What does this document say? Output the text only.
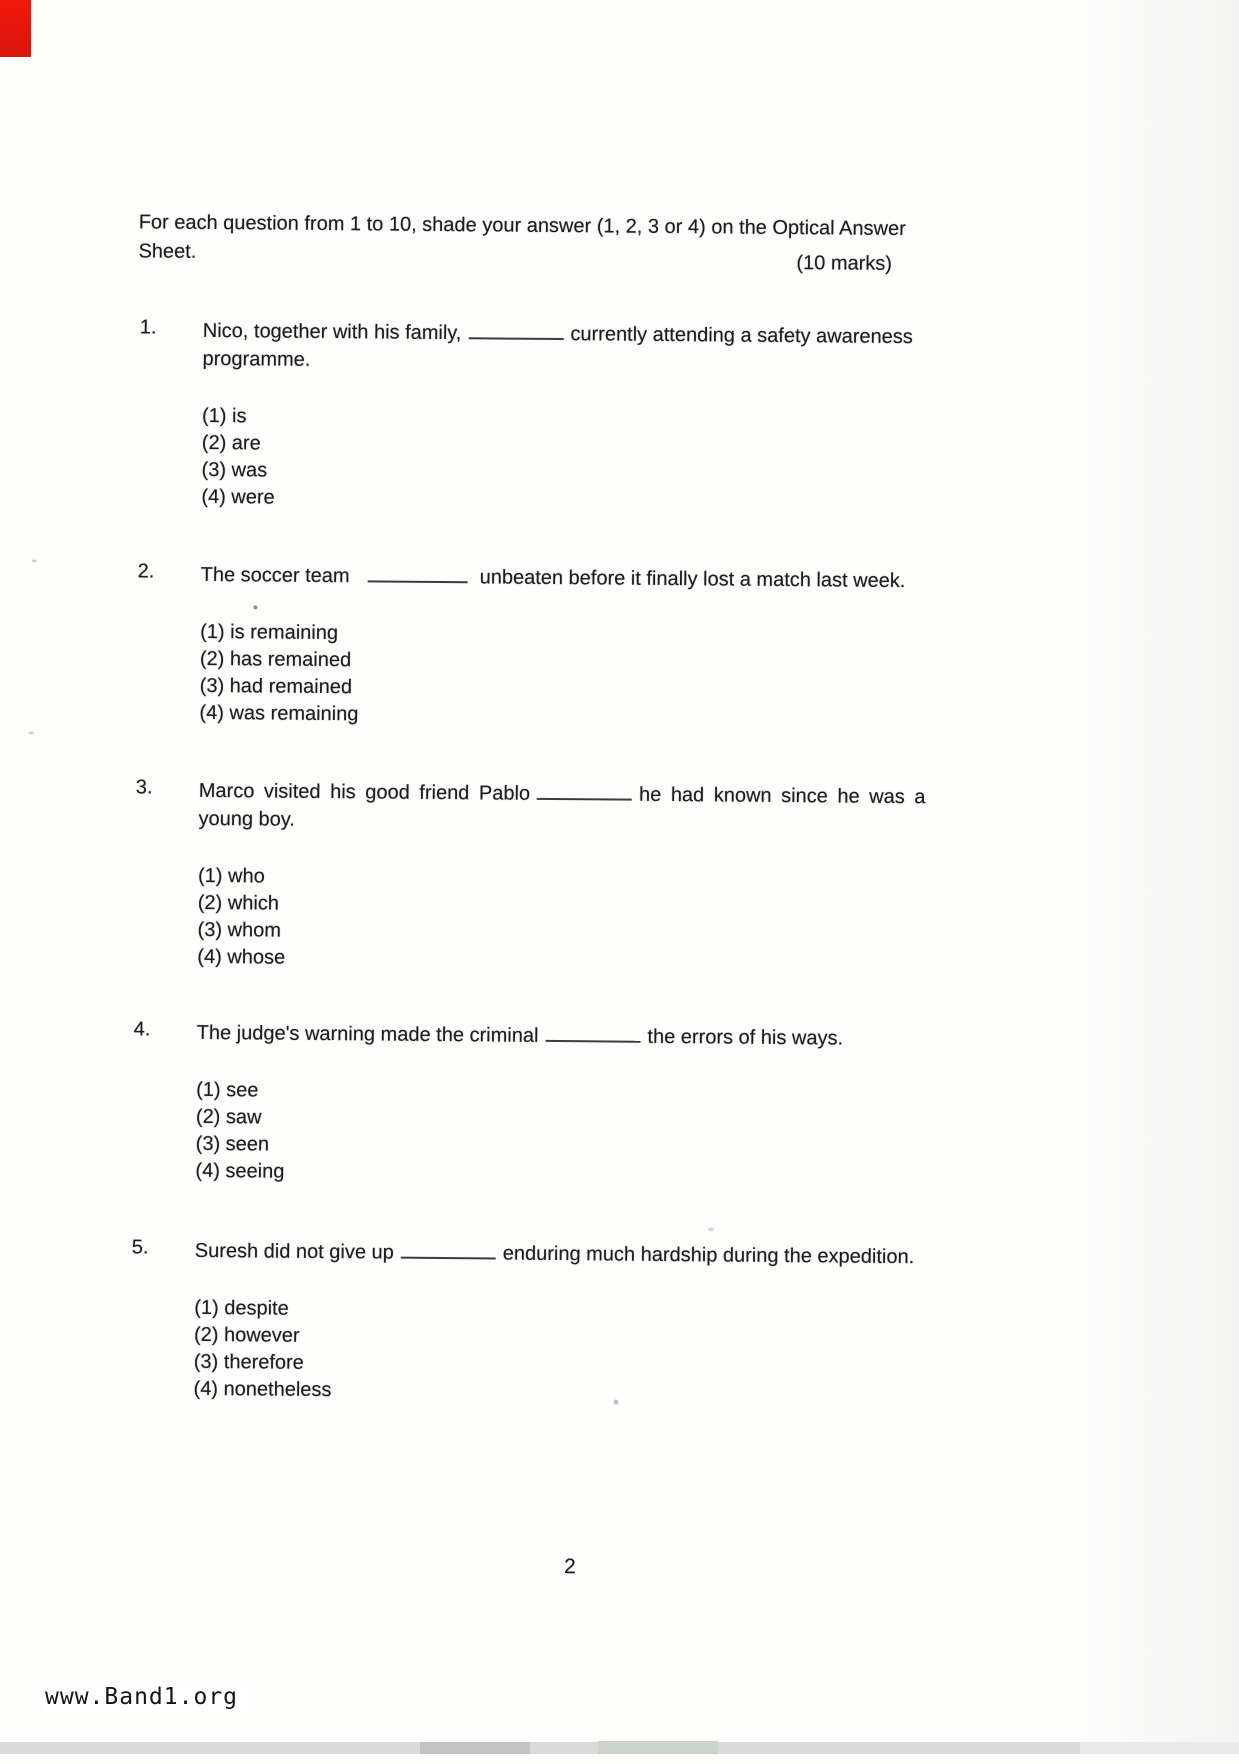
For each question from 1 to 10, shade your answer (1, 2, 3 or 4) on the Optical Answer
Sheet.
(10 marks)
1.	Nico, together with his family,	currently attending a safety awareness
programme.
(1) is
(2) are
(3) was
(4) were
2.	The soccer team	unbeaten before it finally lost a match last week.
(1) is remaining
(2) has remained
(3) had remained
(4) was remaining
3.	Marco visited his good friend Pablo	he had known since he was a
young boy.
(1) who
(2) which
(3) whom
(4) whose
4.	The judge's warning made the criminal	the errors of his ways.
(1) see
(2) saw
(3) seen
(4) seeing
5.	Suresh did not give up	enduring much hardship during the expedition.
(1) despite
(2) however
(3) therefore
(4) nonetheless
2
www.Band1.org
